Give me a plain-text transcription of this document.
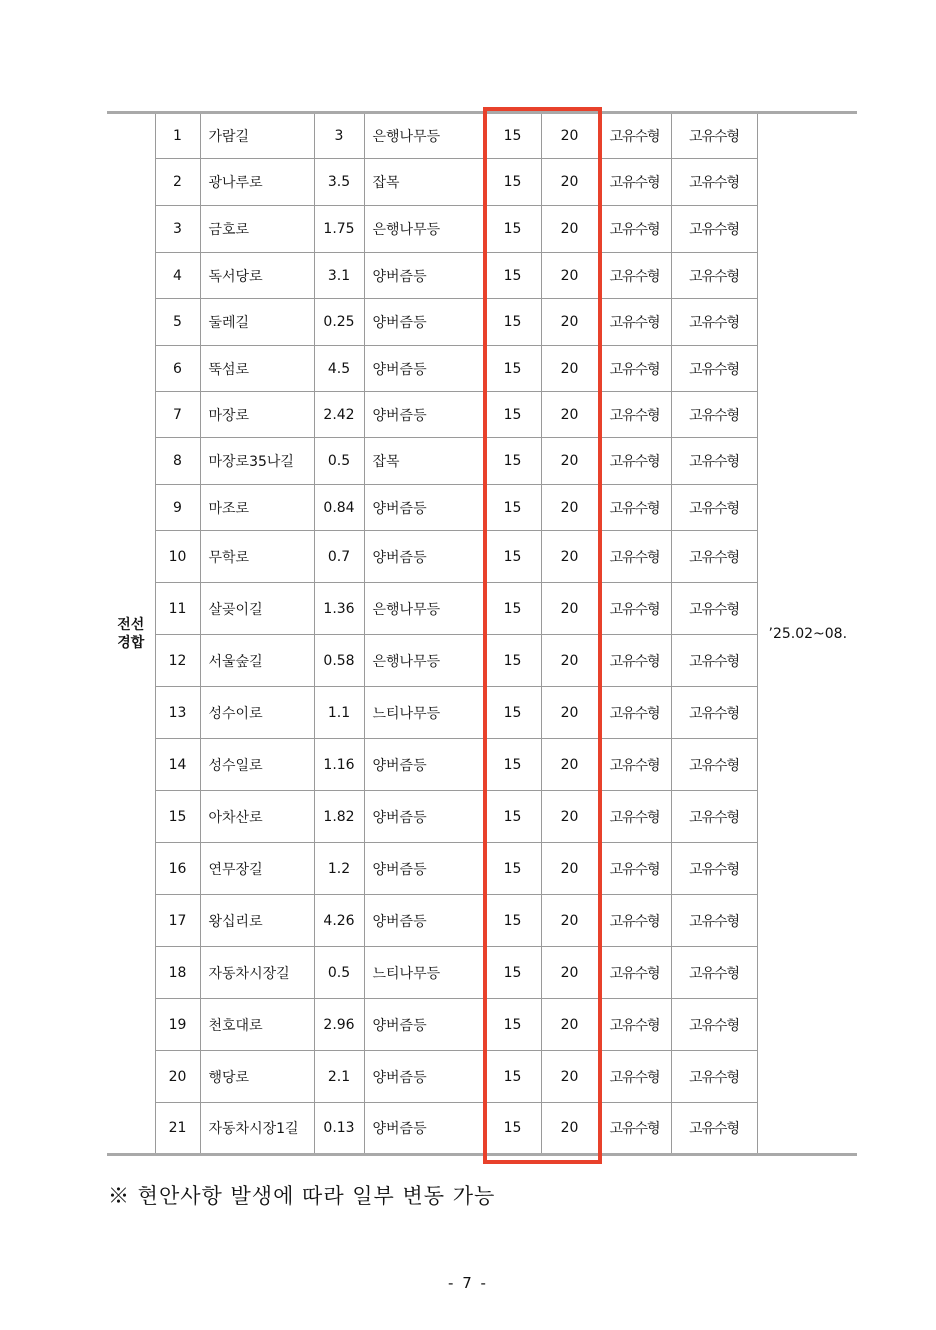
전선
경합	1	가람길	3	은행나무등	15	20	고유수형	고유수형	’25.02~08.
	2	광나루로	3.5	잡목	15	20	고유수형	고유수형	
	3	금호로	1.75	은행나무등	15	20	고유수형	고유수형	
	4	독서당로	3.1	양버즘등	15	20	고유수형	고유수형	
	5	둘레길	0.25	양버즘등	15	20	고유수형	고유수형	
	6	뚝섬로	4.5	양버즘등	15	20	고유수형	고유수형	
	7	마장로	2.42	양버즘등	15	20	고유수형	고유수형	
	8	마장로35나길	0.5	잡목	15	20	고유수형	고유수형	
	9	마조로	0.84	양버즘등	15	20	고유수형	고유수형	
	10	무학로	0.7	양버즘등	15	20	고유수형	고유수형	
	11	살곶이길	1.36	은행나무등	15	20	고유수형	고유수형	
	12	서울숲길	0.58	은행나무등	15	20	고유수형	고유수형	
	13	성수이로	1.1	느티나무등	15	20	고유수형	고유수형	
	14	성수일로	1.16	양버즘등	15	20	고유수형	고유수형	
	15	아차산로	1.82	양버즘등	15	20	고유수형	고유수형	
	16	연무장길	1.2	양버즘등	15	20	고유수형	고유수형	
	17	왕십리로	4.26	양버즘등	15	20	고유수형	고유수형	
	18	자동차시장길	0.5	느티나무등	15	20	고유수형	고유수형	
	19	천호대로	2.96	양버즘등	15	20	고유수형	고유수형	
	20	행당로	2.1	양버즘등	15	20	고유수형	고유수형	
	21	자동차시장1길	0.13	양버즘등	15	20	고유수형	고유수형	
※ 현안사항 발생에 따라 일부 변동 가능
- 7 -
